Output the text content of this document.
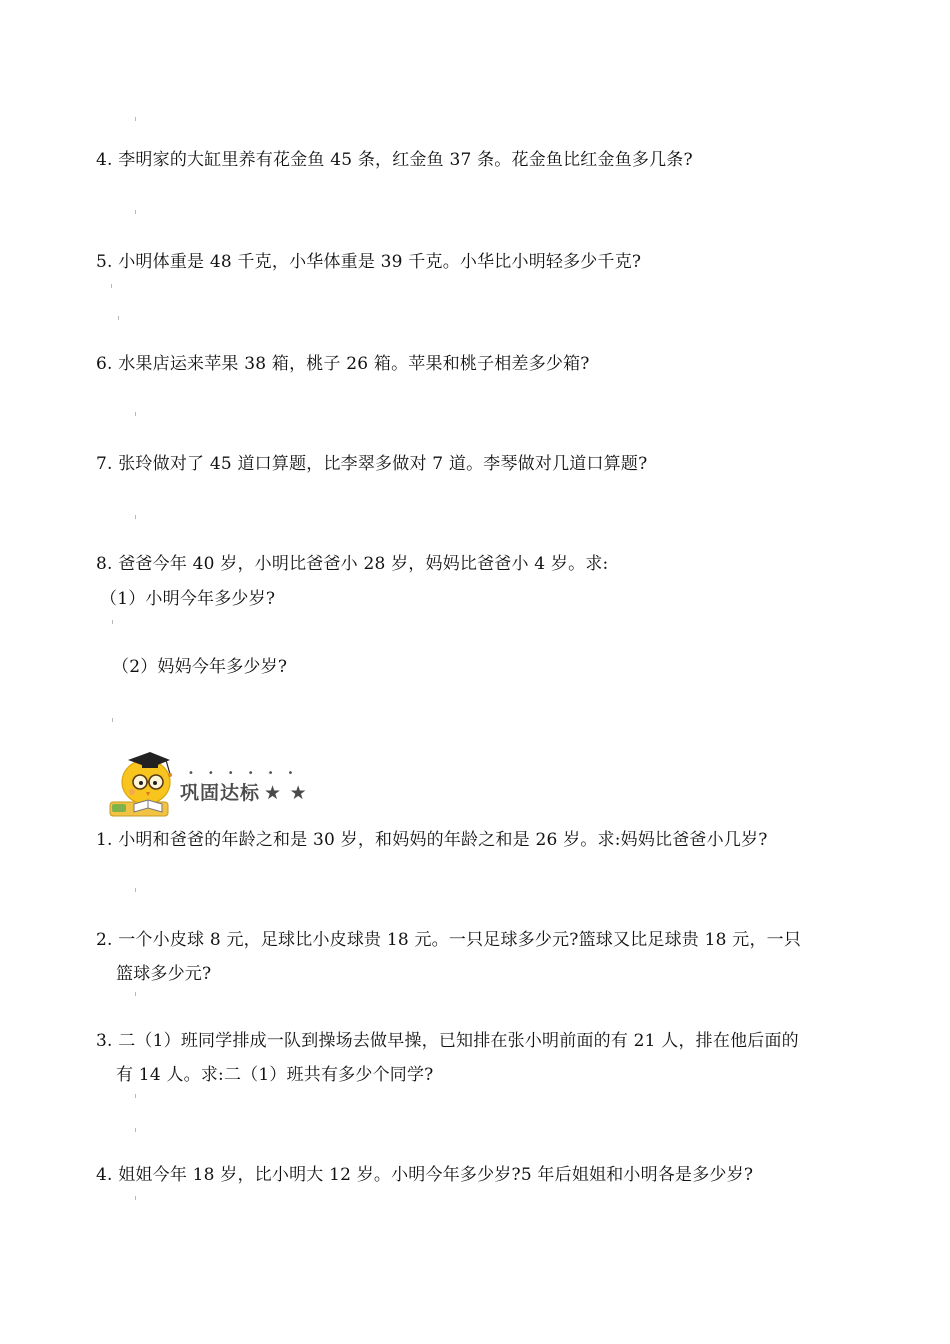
4. 李明家的大缸里养有花金鱼 45 条，红金鱼 37 条。花金鱼比红金鱼多几条?
5. 小明体重是 48 千克，小华体重是 39 千克。小华比小明轻多少千克?
6. 水果店运来苹果 38 箱，桃子 26 箱。苹果和桃子相差多少箱?
7. 张玲做对了 45 道口算题，比李翠多做对 7 道。李琴做对几道口算题?
8. 爸爸今年 40 岁，小明比爸爸小 28 岁，妈妈比爸爸小 4 岁。求:
（1）小明今年多少岁?
（2）妈妈今年多少岁?
••••••
巩固达标 ★ ★
1. 小明和爸爸的年龄之和是 30 岁，和妈妈的年龄之和是 26 岁。求:妈妈比爸爸小几岁?
2. 一个小皮球 8 元，足球比小皮球贵 18 元。一只足球多少元?篮球又比足球贵 18 元，一只
篮球多少元?
3. 二（1）班同学排成一队到操场去做早操，已知排在张小明前面的有 21 人，排在他后面的
有 14 人。求:二（1）班共有多少个同学?
4. 姐姐今年 18 岁，比小明大 12 岁。小明今年多少岁?5 年后姐姐和小明各是多少岁?
